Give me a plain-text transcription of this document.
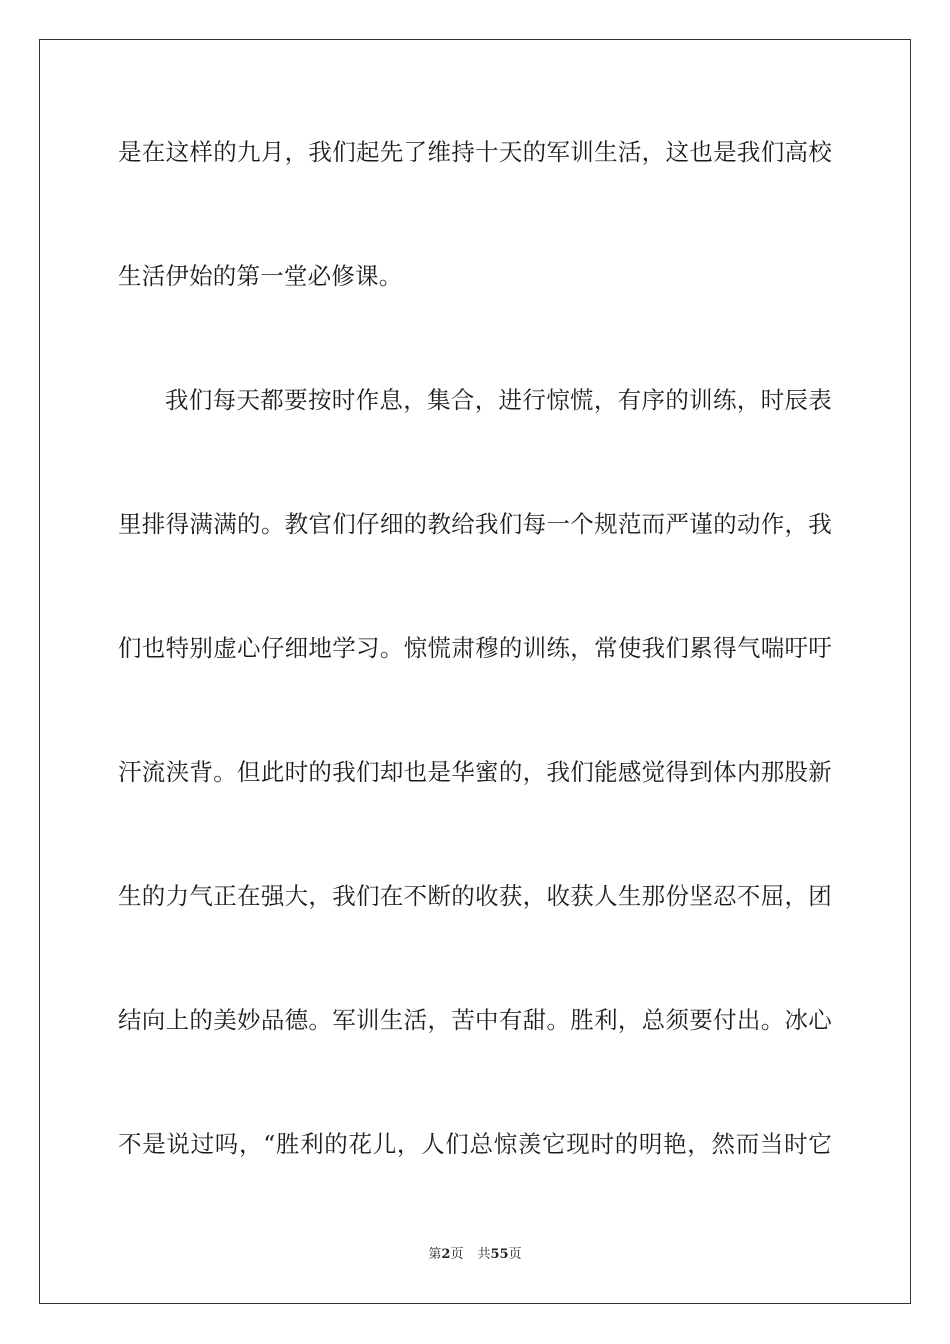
是在这样的九月，我们起先了维持十天的军训生活，这也是我们高校
生活伊始的第一堂必修课。
我们每天都要按时作息，集合，进行惊慌，有序的训练，时辰表
里排得满满的。教官们仔细的教给我们每一个规范而严谨的动作，我
们也特别虚心仔细地学习。惊慌肃穆的训练，常使我们累得气喘吁吁
汗流浃背。但此时的我们却也是华蜜的，我们能感觉得到体内那股新
生的力气正在强大，我们在不断的收获，收获人生那份坚忍不屈，团
结向上的美妙品德。军训生活，苦中有甜。胜利，总须要付出。冰心
不是说过吗，“胜利的花儿，人们总惊羡它现时的明艳，然而当时它
第2页 共55页
